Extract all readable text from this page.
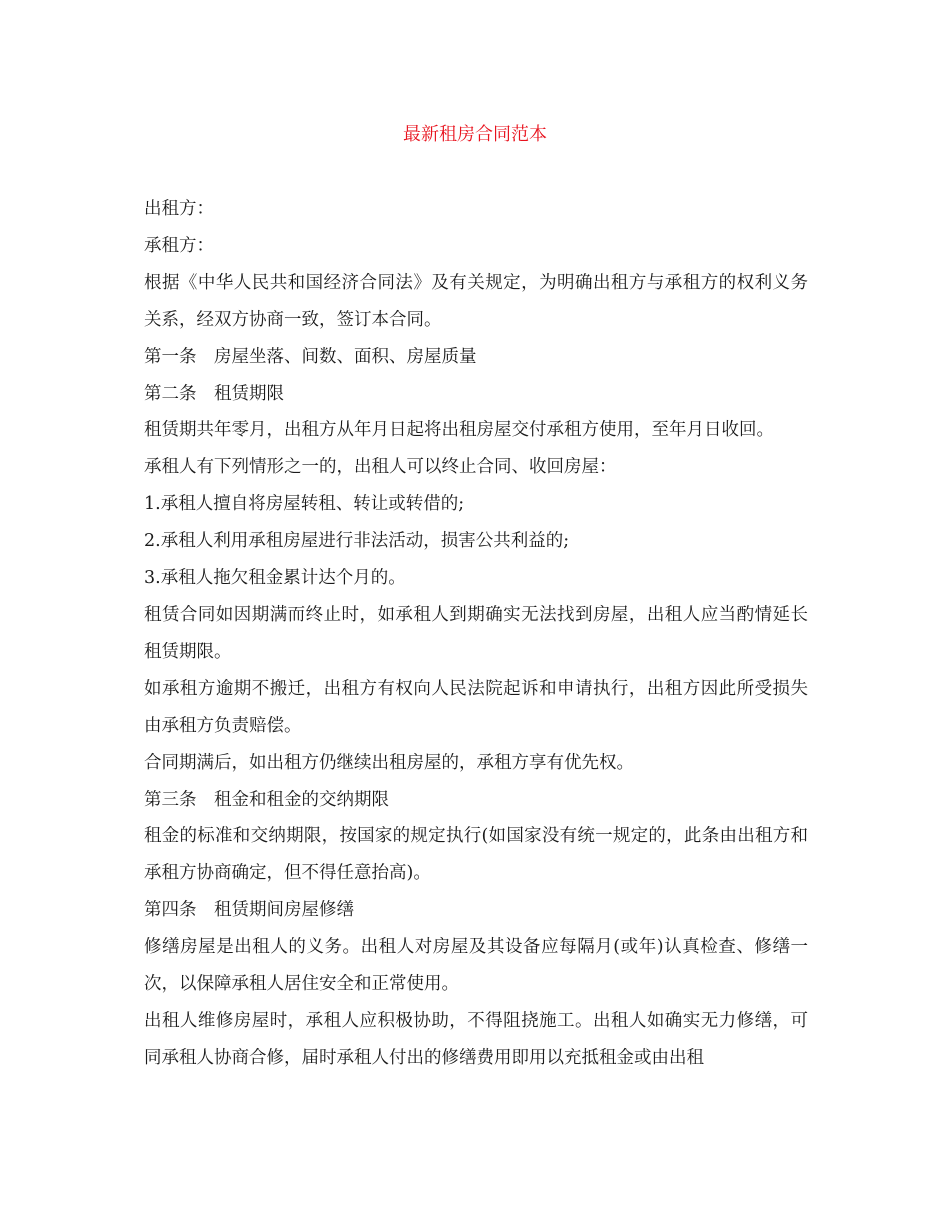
最新租房合同范本

出租方：

承租方：

根据《中华人民共和国经济合同法》及有关规定，为明确出租方与承租方的权利义务关系，经双方协商一致，签订本合同。

第一条　房屋坐落、间数、面积、房屋质量

第二条　租赁期限

租赁期共年零月，出租方从年月日起将出租房屋交付承租方使用，至年月日收回。

承租人有下列情形之一的，出租人可以终止合同、收回房屋：

1.承租人擅自将房屋转租、转让或转借的;

2.承租人利用承租房屋进行非法活动，损害公共利益的;

3.承租人拖欠租金累计达个月的。

租赁合同如因期满而终止时，如承租人到期确实无法找到房屋，出租人应当酌情延长租赁期限。

如承租方逾期不搬迁，出租方有权向人民法院起诉和申请执行，出租方因此所受损失由承租方负责赔偿。

合同期满后，如出租方仍继续出租房屋的，承租方享有优先权。

第三条　租金和租金的交纳期限

租金的标准和交纳期限，按国家的规定执行(如国家没有统一规定的，此条由出租方和承租方协商确定，但不得任意抬高)。

第四条　租赁期间房屋修缮

修缮房屋是出租人的义务。出租人对房屋及其设备应每隔月(或年)认真检查、修缮一次，以保障承租人居住安全和正常使用。

出租人维修房屋时，承租人应积极协助，不得阻挠施工。出租人如确实无力修缮，可同承租人协商合修，届时承租人付出的修缮费用即用以充抵租金或由出租
